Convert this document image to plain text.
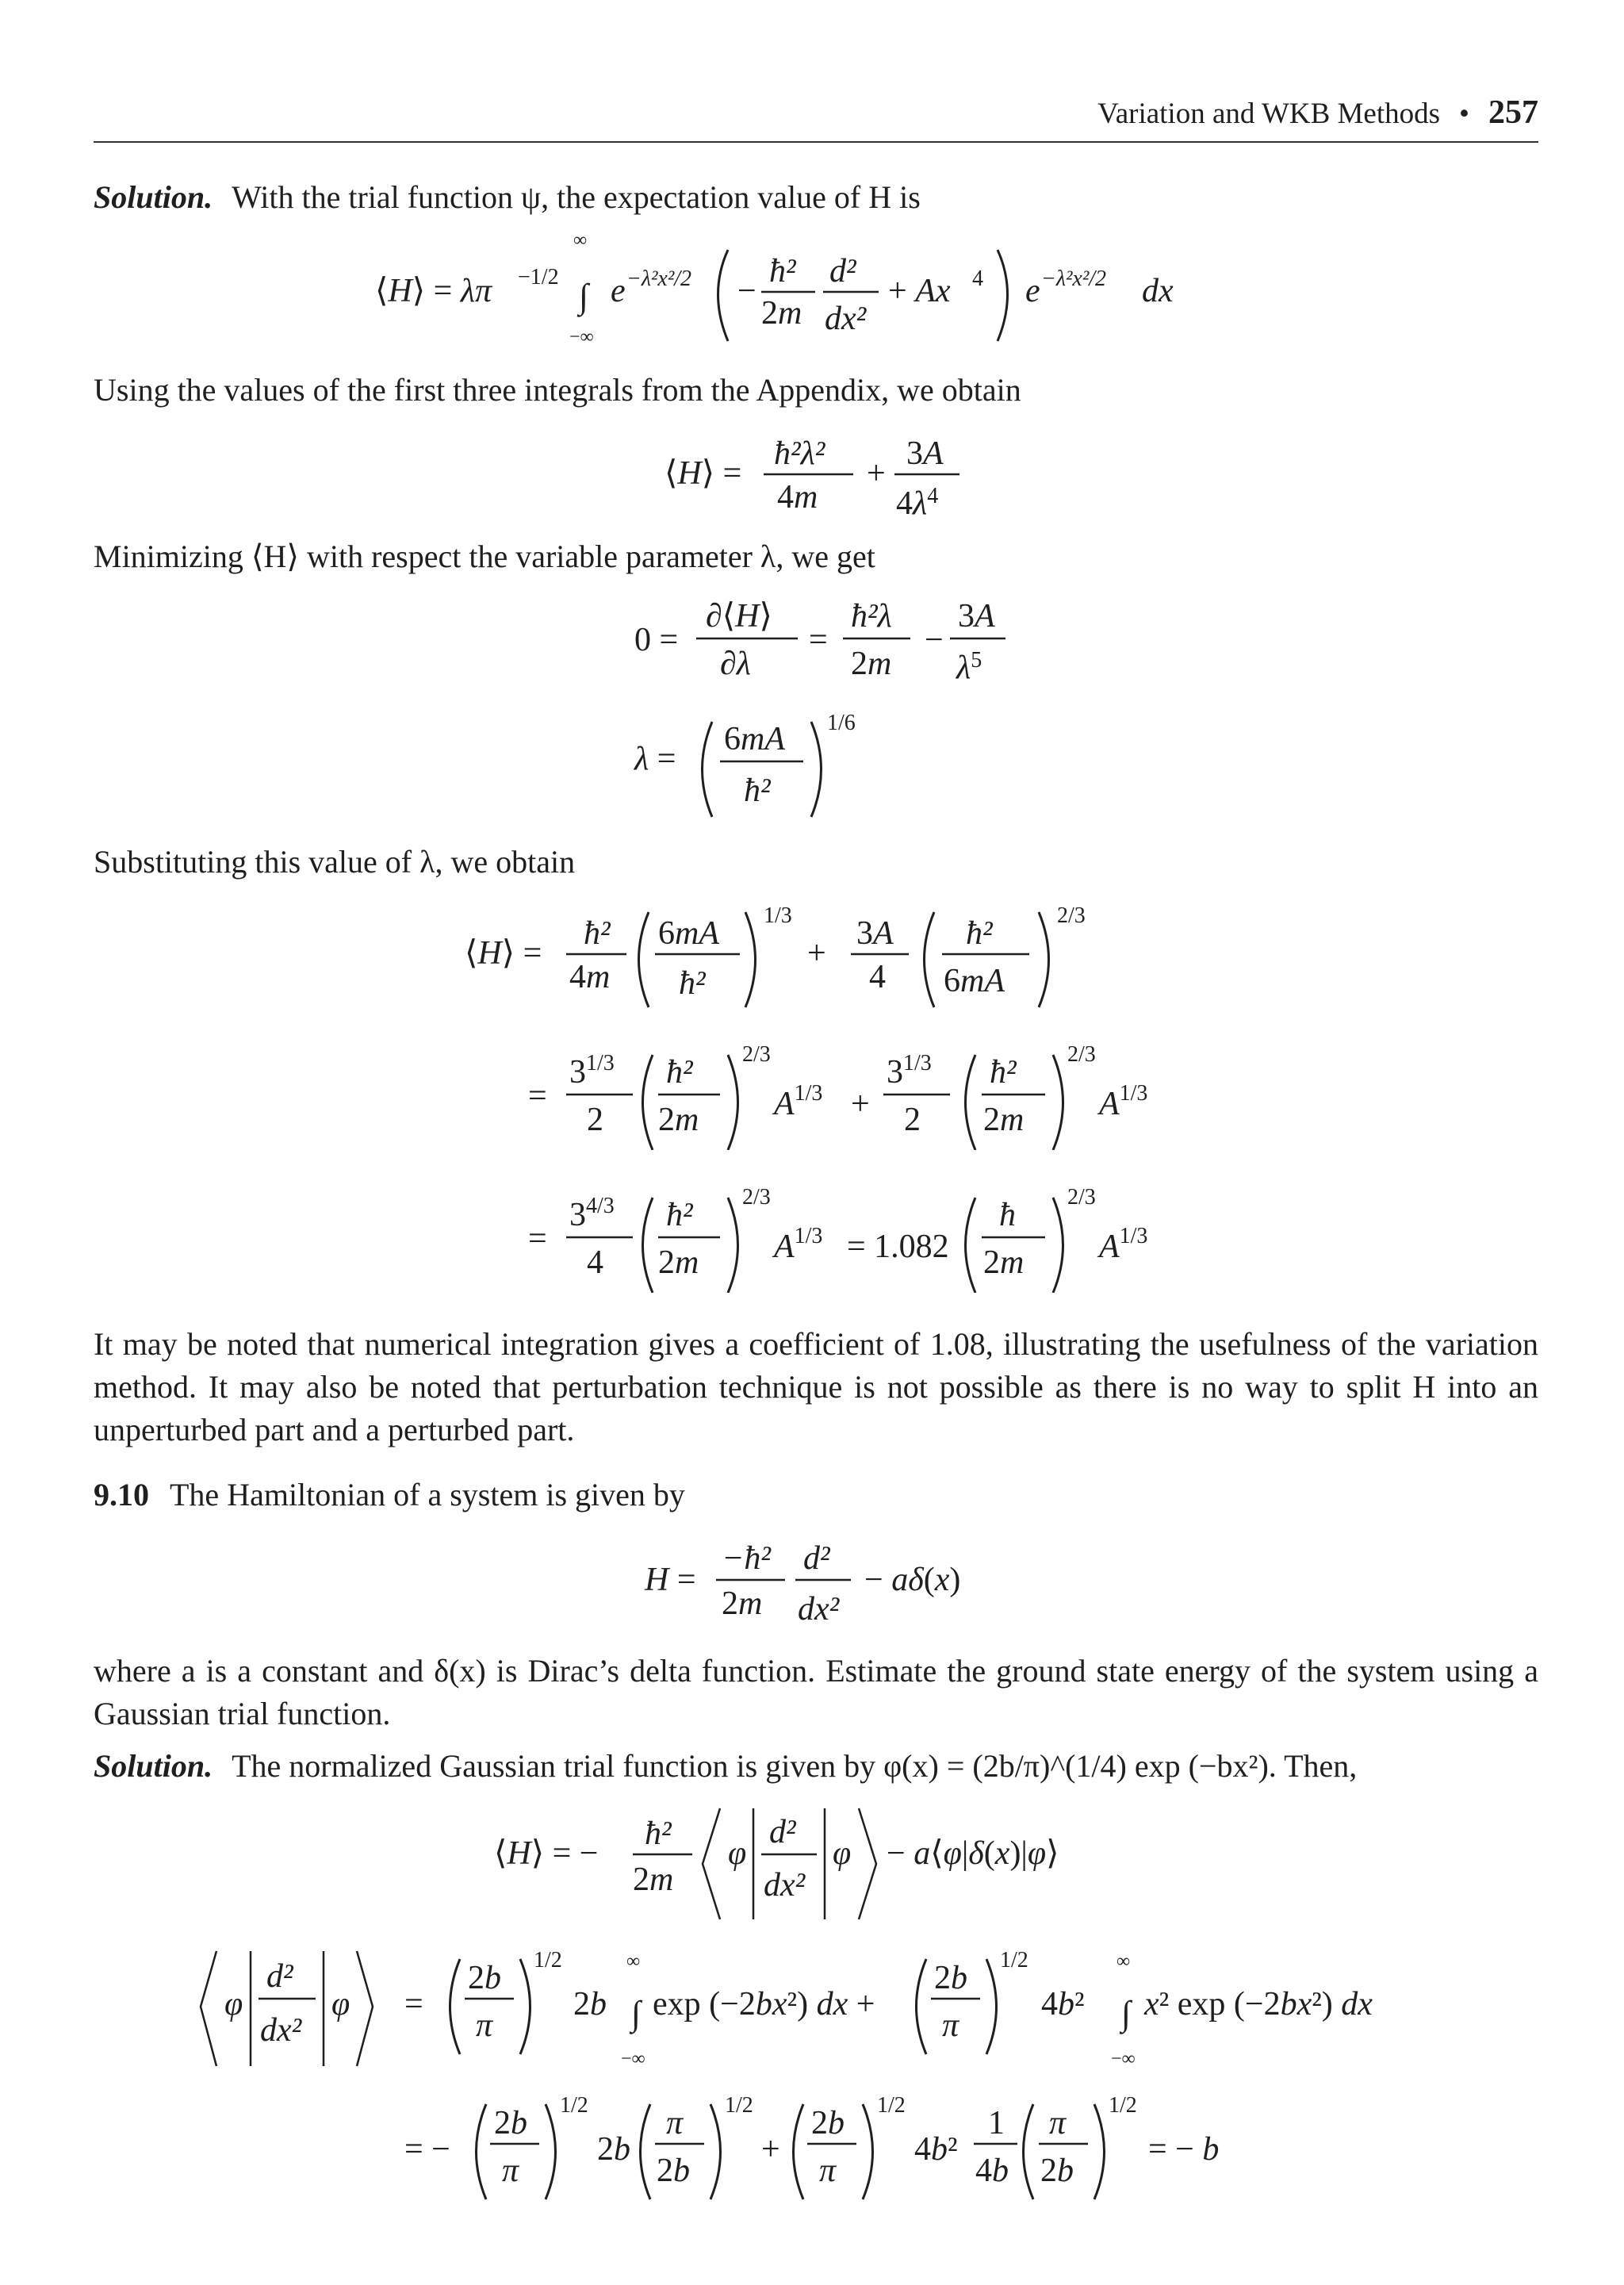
Variation and WKB Methods • 257
Solution. With the trial function ψ, the expectation value of H is
⟨H⟩ = λπ −1/2
∞
∫
−∞
e −λ²x²/2 −
ħ²
2m
d²
dx²
+ Ax 4 e −λ²x²/2 dx
Using the values of the first three integrals from the Appendix, we obtain
⟨H⟩ =
ħ²λ²
4m
+
3A
$4\lambda^4$
Minimizing ⟨H⟩ with respect the variable parameter λ, we get
0 =
∂⟨H⟩
∂λ
=
ħ²λ
2m
−
3A
$\lambda^5$
λ =
6mA
ħ²
1/6
Substituting this value of λ, we obtain
⟨H⟩ =
ħ²
4m
6mA
ħ²
1/3
+
3A
4
ħ²
6mA
2/3
=
$3^{1/3}$
2
ħ²
2m
2/3
$A^{1/3}$ +
$3^{1/3}$
2
ħ²
2m
2/3
$A^{1/3}$
=
$3^{4/3}$
4
ħ²
2m
2/3
$A^{1/3} = 1.082$
ħ
2m
2/3
$A^{1/3}$
It may be noted that numerical integration gives a coefficient of 1.08, illustrating the usefulness of the variation method. It may also be noted that perturbation technique is not possible as there is no way to split H into an unperturbed part and a perturbed part.
9.10 The Hamiltonian of a system is given by
H =
−ħ²
2m
d²
dx²
− aδ(x)
where a is a constant and δ(x) is Dirac’s delta function. Estimate the ground state energy of the system using a Gaussian trial function.
Solution. The normalized Gaussian trial function is given by φ(x) = (2b/π)^(1/4) exp (−bx²). Then,
⟨H⟩ = −
ħ²
2m
φ
d²
dx²
φ − a⟨φ|δ(x)|φ⟩
φ
d²
dx²
φ =
2b
π
1/2
2b
∞
∫
−∞
exp (−2bx²) dx +
2b
π
1/2
4b²
∞
∫
−∞
x² exp (−2bx²) dx
= −
2b
π
1/2
2b
π
2b
1/2
+
2b
π
1/2
4b²
1
4b
π
2b
1/2
= − b
